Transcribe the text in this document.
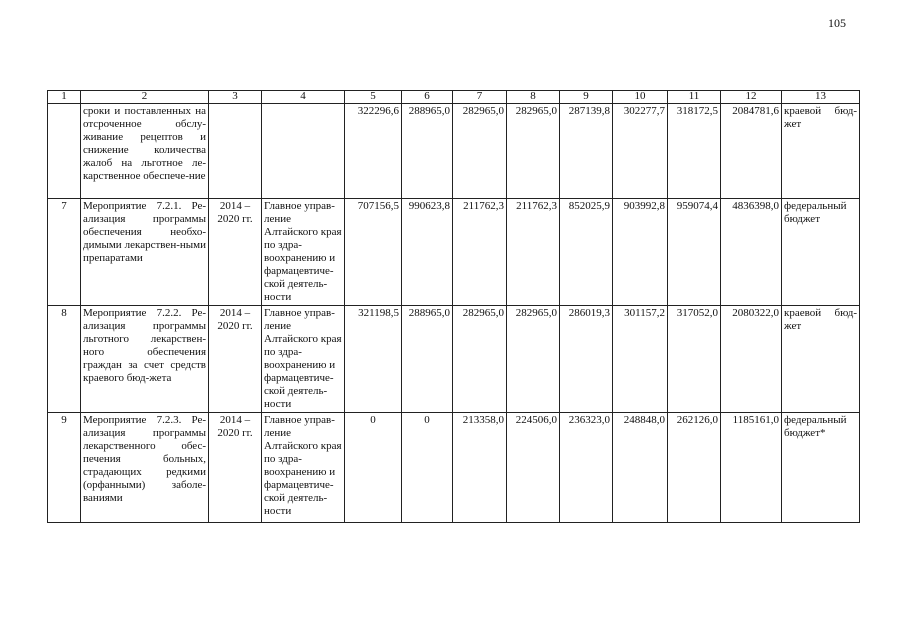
105
1	2	3	4	5	6	7	8	9	10	11	12	13
	сроки и поставленных на отсроченное обслу-живание рецептов и снижение количества жалоб на льготное ле-карственное обеспече-ние			322296,6	288965,0	282965,0	282965,0	287139,8	302277,7	318172,5	2084781,6	краевой бюд-жет
7	Мероприятие 7.2.1. Ре-ализация программы обеспечения необхо-димыми лекарствен-ными препаратами	2014 – 2020 гг.	Главное управ-ление Алтайского края по здра-воохранению и фармацевтиче-ской деятель-ности	707156,5	990623,8	211762,3	211762,3	852025,9	903992,8	959074,4	4836398,0	федеральный бюджет
8	Мероприятие 7.2.2. Ре-ализация программы льготного лекарствен-ного обеспечения граждан за счет средств краевого бюд-жета	2014 – 2020 гг.	Главное управ-ление Алтайского края по здра-воохранению и фармацевтиче-ской деятель-ности	321198,5	288965,0	282965,0	282965,0	286019,3	301157,2	317052,0	2080322,0	краевой бюд-жет
9	Мероприятие 7.2.3. Ре-ализация программы лекарственного обес-печения больных, страдающих редкими (орфанными) заболе-ваниями	2014 – 2020 гг.	Главное управ-ление Алтайского края по здра-воохранению и фармацевтиче-ской деятель-ности	0	0	213358,0	224506,0	236323,0	248848,0	262126,0	1185161,0	федеральный бюджет*
